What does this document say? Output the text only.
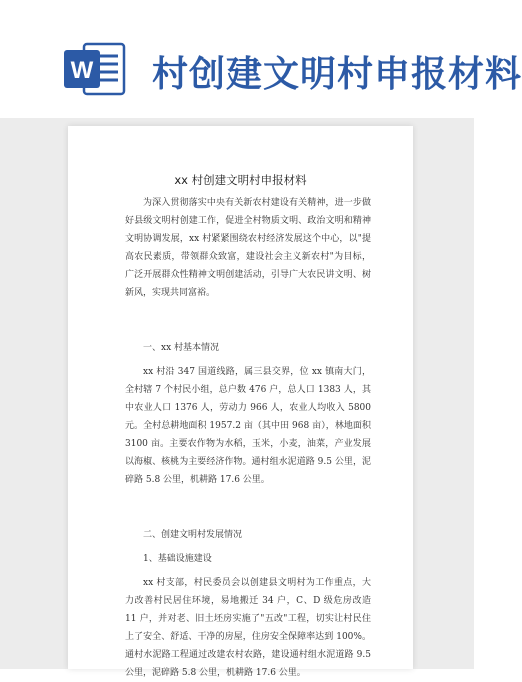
W 村创建文明村申报材料
xx 村创建文明村申报材料
为深入贯彻落实中央有关新农村建设有关精神，进一步做好县级文明村创建工作，促进全村物质文明、政治文明和精神文明协调发展，xx 村紧紧围绕农村经济发展这个中心，以"提高农民素质，带领群众致富，建设社会主义新农村"为目标，广泛开展群众性精神文明创建活动，引导广大农民讲文明、树新风，实现共同富裕。
一、xx 村基本情况
xx 村沿 347 国道线路，属三县交界，位 xx 镇南大门，全村辖 7 个村民小组，总户数 476 户，总人口 1383 人，其中农业人口 1376 人，劳动力 966 人，农业人均收入 5800 元。全村总耕地面积 1957.2 亩（其中田 968 亩），林地面积 3100 亩。主要农作物为水稻，玉米，小麦，油菜，产业发展以海椒、核桃为主要经济作物。通村组水泥道路 9.5 公里，泥碎路 5.8 公里，机耕路 17.6 公里。
二、创建文明村发展情况
1、基础设施建设
xx 村支部，村民委员会以创建县文明村为工作重点，大力改善村民居住环境，易地搬迁 34 户，C、D 级危房改造 11 户，并对老、旧土坯房实施了"五改"工程，切实让村民住上了安全、舒适、干净的房屋，住房安全保障率达到 100%。通村水泥路工程通过改建农村农路，建设通村组水泥道路 9.5 公里，泥碎路 5.8 公里，机耕路 17.6 公里。
